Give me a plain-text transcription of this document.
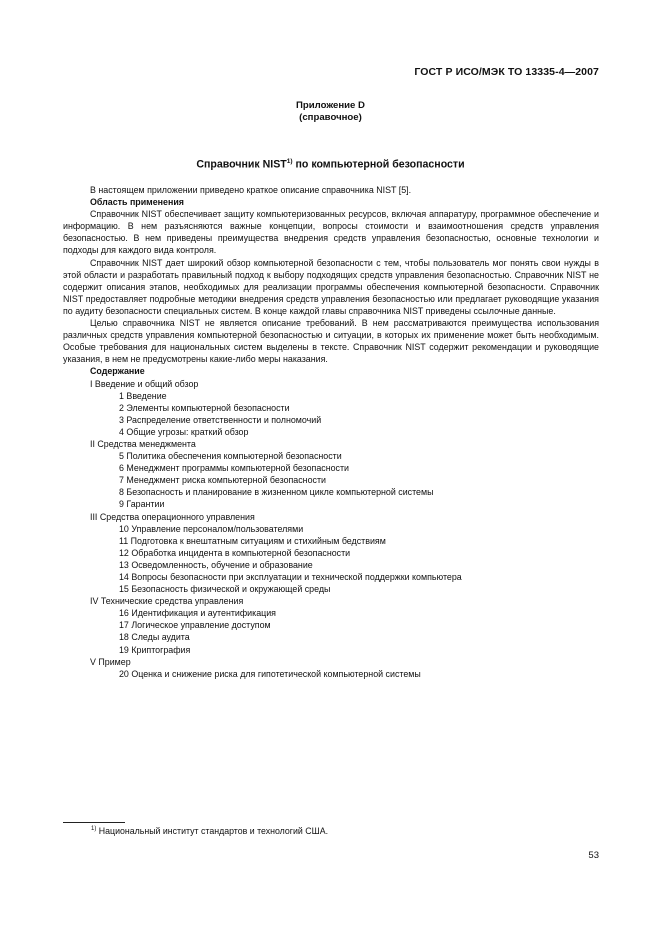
ГОСТ Р ИСО/МЭК ТО 13335-4—2007
Приложение D
(справочное)
Справочник NIST$^{1)}$ по компьютерной безопасности

В настоящем приложении приведено краткое описание справочника NIST [5].

Область применения

Справочник NIST обеспечивает защиту компьютеризованных ресурсов, включая аппаратуру, программное обеспечение и информацию. В нем разъясняются важные концепции, вопросы стоимости и взаимоотношения средств управления безопасностью. В нем приведены преимущества внедрения средств управления безопасностью, основные технологии и подходы для каждого вида контроля.

Справочник NIST дает широкий обзор компьютерной безопасности с тем, чтобы пользователь мог понять свои нужды в этой области и разработать правильный подход к выбору подходящих средств управления безопасностью. Справочник NIST не содержит описания этапов, необходимых для реализации программы обеспечения компьютерной безопасности. Справочник NIST предоставляет подробные методики внедрения средств управления безопасностью или предлагает руководящие указания по аудиту безопасности специальных систем. В конце каждой главы справочника NIST приведены ссылочные данные.

Целью справочника NIST не является описание требований. В нем рассматриваются преимущества использования различных средств управления компьютерной безопасностью и ситуации, в которых их применение может быть необходимым. Особые требования для национальных систем выделены в тексте. Справочник NIST содержит рекомендации и руководящие указания, в нем не предусмотрены какие-либо меры наказания.

Содержание
I Введение и общий обзор
1 Введение
2 Элементы компьютерной безопасности
3 Распределение ответственности и полномочий
4 Общие угрозы: краткий обзор
II Средства менеджмента
5 Политика обеспечения компьютерной безопасности
6 Менеджмент программы компьютерной безопасности
7 Менеджмент риска компьютерной безопасности
8 Безопасность и планирование в жизненном цикле компьютерной системы
9 Гарантии
III Средства операционного управления
10 Управление персоналом/пользователями
11 Подготовка к внештатным ситуациям и стихийным бедствиям
12 Обработка инцидента в компьютерной безопасности
13 Осведомленность, обучение и образование
14 Вопросы безопасности при эксплуатации и технической поддержки компьютера
15 Безопасность физической и окружающей среды
IV Технические средства управления
16 Идентификация и аутентификация
17 Логическое управление доступом
18 Следы аудита
19 Криптография
V Пример
20 Оценка и снижение риска для гипотетической компьютерной системы
$^{1)}$ Национальный институт стандартов и технологий США.
53
